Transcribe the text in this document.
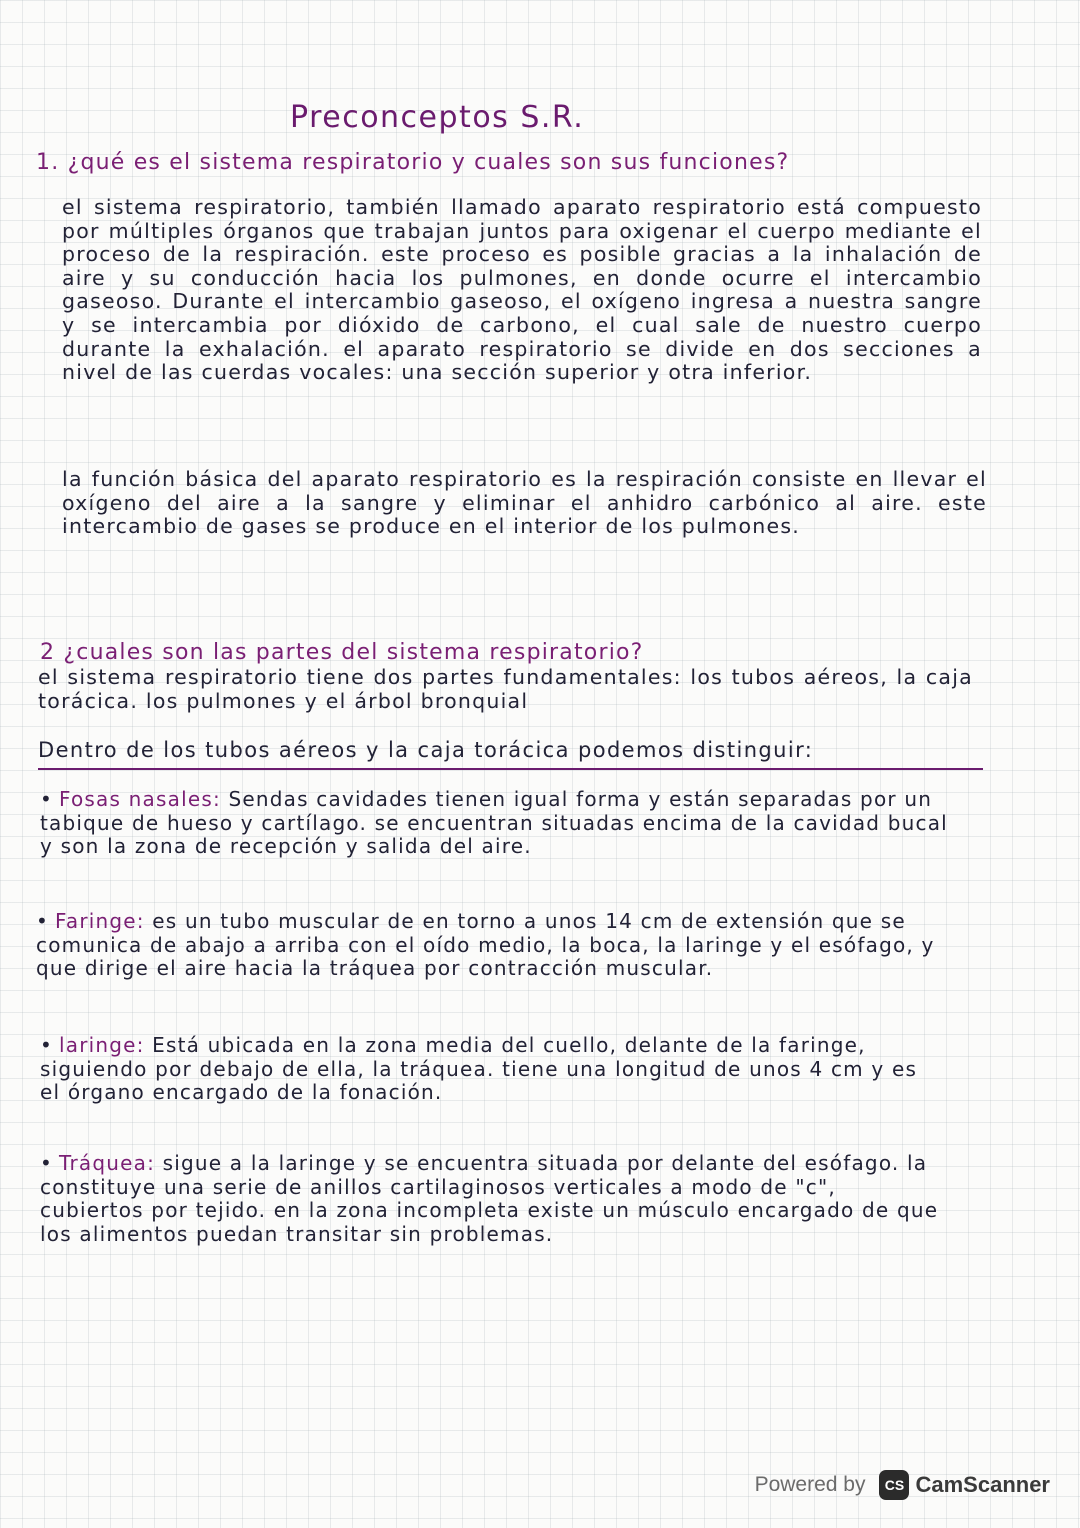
Preconceptos S.R.
1. ¿qué es el sistema respiratorio y cuales son sus funciones?

el sistema respiratorio, también llamado aparato respiratorio está compuesto por múltiples órganos que trabajan juntos para oxigenar el cuerpo mediante el proceso de la respiración. este proceso es posible gracias a la inhalación de aire y su conducción hacia los pulmones, en donde ocurre el intercambio gaseoso. Durante el intercambio gaseoso, el oxígeno ingresa a nuestra sangre y se intercambia por dióxido de carbono, el cual sale de nuestro cuerpo durante la exhalación. el aparato respiratorio se divide en dos secciones a nivel de las cuerdas vocales: una sección superior y otra inferior.

la función básica del aparato respiratorio es la respiración consiste en llevar el oxígeno del aire a la sangre y eliminar el anhidro carbónico al aire. este intercambio de gases se produce en el interior de los pulmones.

2 ¿cuales son las partes del sistema respiratorio?

el sistema respiratorio tiene dos partes fundamentales: los tubos aéreos, la caja torácica. los pulmones y el árbol bronquial

Dentro de los tubos aéreos y la caja torácica podemos distinguir:

• Fosas nasales: Sendas cavidades tienen igual forma y están separadas por un tabique de hueso y cartílago. se encuentran situadas encima de la cavidad bucal y son la zona de recepción y salida del aire.

• Faringe: es un tubo muscular de en torno a unos 14 cm de extensión que se comunica de abajo a arriba con el oído medio, la boca, la laringe y el esófago, y que dirige el aire hacia la tráquea por contracción muscular.

• laringe: Está ubicada en la zona media del cuello, delante de la faringe, siguiendo por debajo de ella, la tráquea. tiene una longitud de unos 4 cm y es el órgano encargado de la fonación.

• Tráquea: sigue a la laringe y se encuentra situada por delante del esófago. la constituye una serie de anillos cartilaginosos verticales a modo de "c", cubiertos por tejido. en la zona incompleta existe un músculo encargado de que los alimentos puedan transitar sin problemas.

Powered by	CS CamScanner
